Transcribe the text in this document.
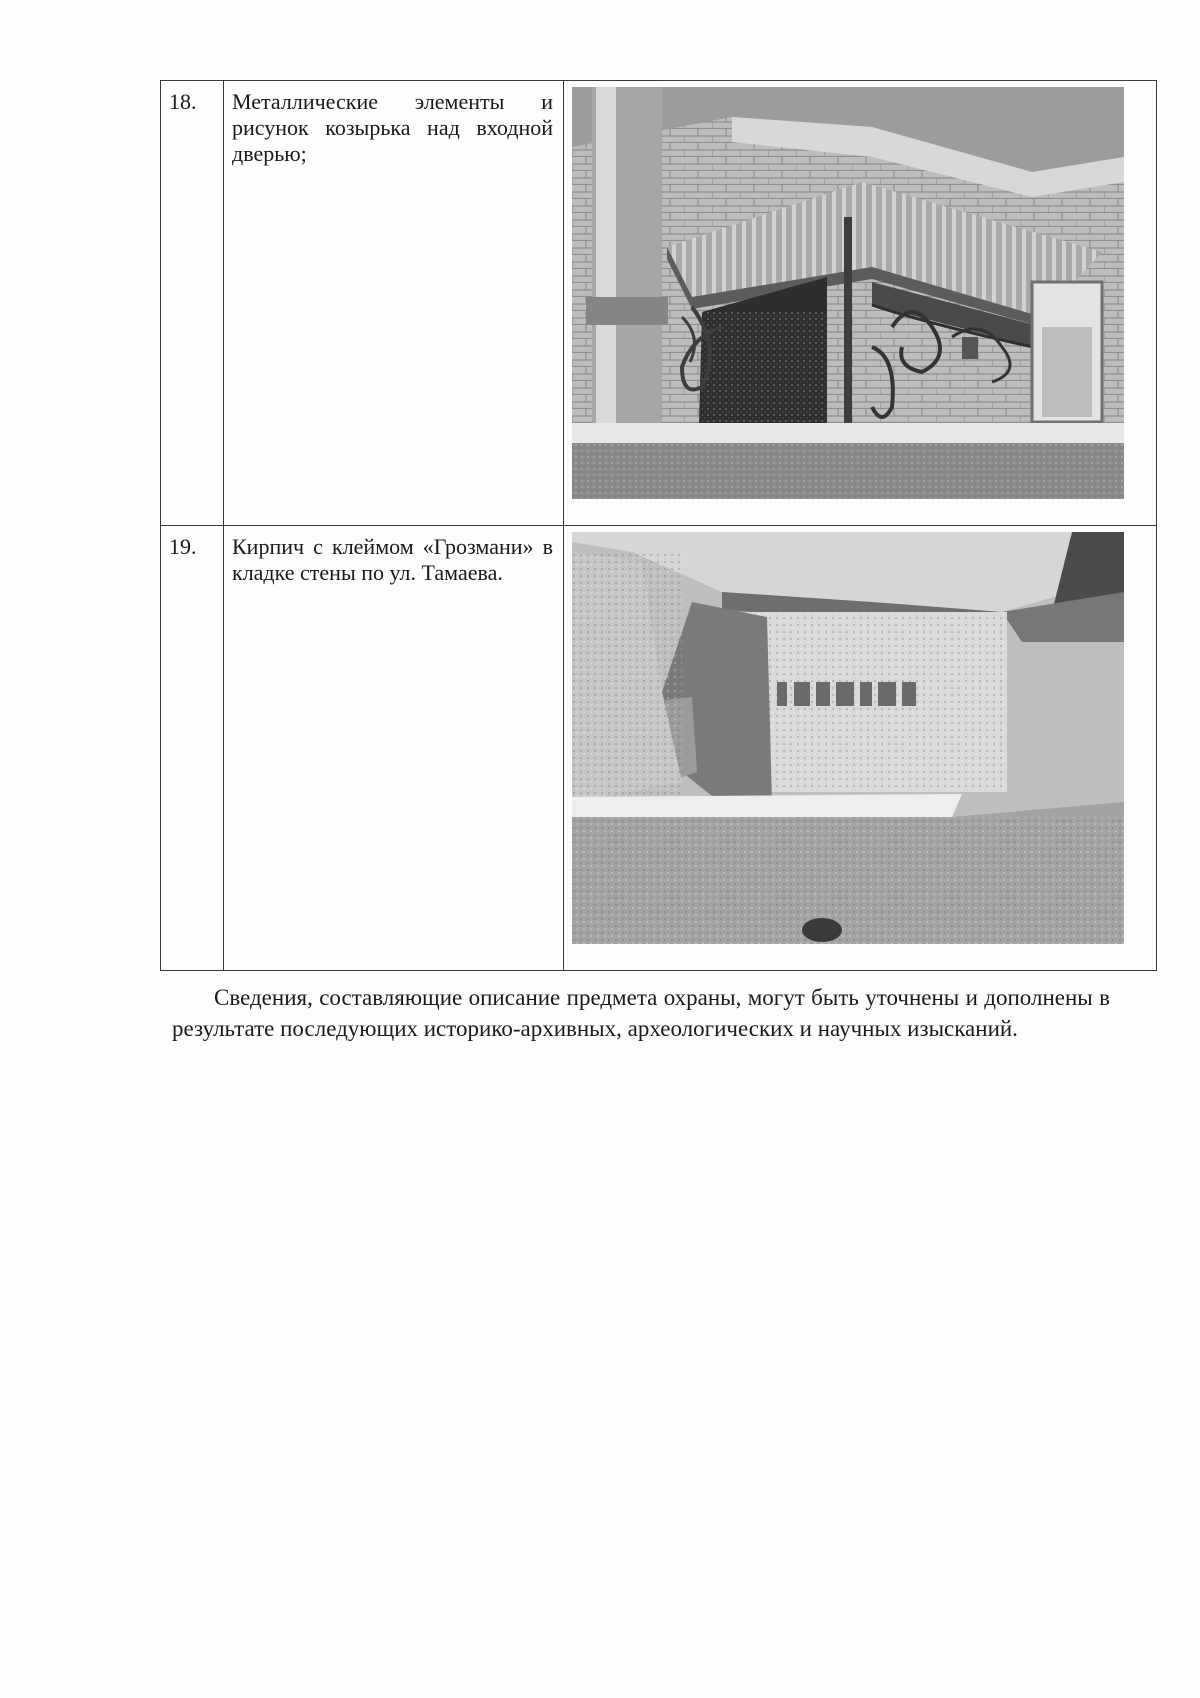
18.	Металлические элементы и рисунок козырька над входной дверью;	

19.	Кирпич с клеймом «Грозмани» в кладке стены по ул. Тамаева.	

Сведения, составляющие описание предмета охраны, могут быть уточнены и дополнены в результате последующих историко-архивных, археологических и научных изысканий.
